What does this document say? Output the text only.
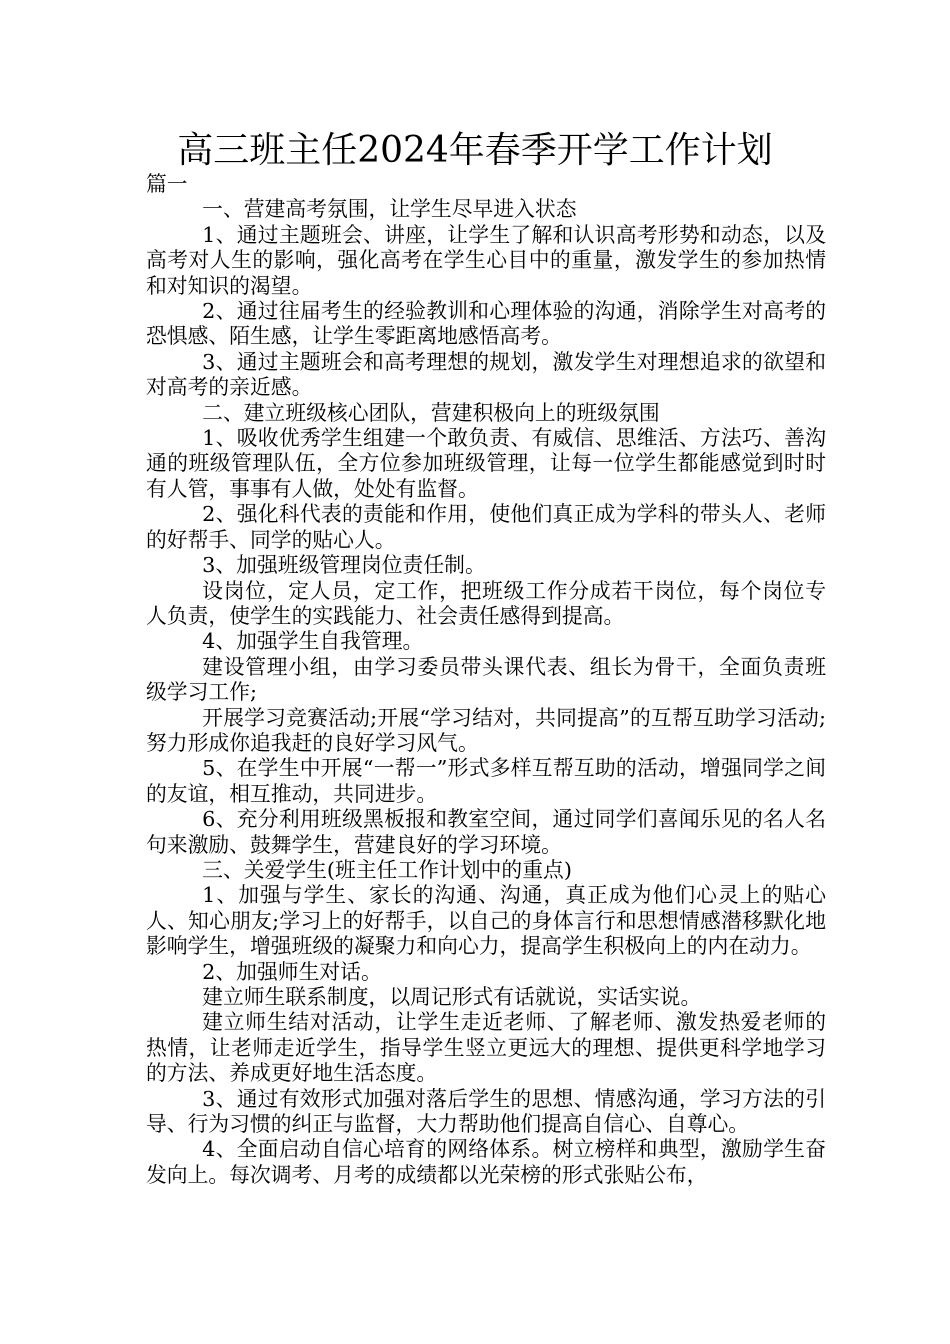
高三班主任2024年春季开学工作计划

篇一

一、营建高考氛围，让学生尽早进入状态

1、通过主题班会、讲座，让学生了解和认识高考形势和动态，以及高考对人生的影响，强化高考在学生心目中的重量，激发学生的参加热情和对知识的渴望。

2、通过往届考生的经验教训和心理体验的沟通，消除学生对高考的恐惧感、陌生感，让学生零距离地感悟高考。

3、通过主题班会和高考理想的规划，激发学生对理想追求的欲望和对高考的亲近感。

二、建立班级核心团队，营建积极向上的班级氛围

1、吸收优秀学生组建一个敢负责、有威信、思维活、方法巧、善沟通的班级管理队伍，全方位参加班级管理，让每一位学生都能感觉到时时有人管，事事有人做，处处有监督。

2、强化科代表的责能和作用，使他们真正成为学科的带头人、老师的好帮手、同学的贴心人。

3、加强班级管理岗位责任制。

设岗位，定人员，定工作，把班级工作分成若干岗位，每个岗位专人负责，使学生的实践能力、社会责任感得到提高。

4、加强学生自我管理。

建设管理小组，由学习委员带头课代表、组长为骨干，全面负责班级学习工作;

开展学习竞赛活动;开展“学习结对，共同提高”的互帮互助学习活动;努力形成你追我赶的良好学习风气。

5、在学生中开展“一帮一”形式多样互帮互助的活动，增强同学之间的友谊，相互推动，共同进步。

6、充分利用班级黑板报和教室空间，通过同学们喜闻乐见的名人名句来激励、鼓舞学生，营建良好的学习环境。

三、关爱学生(班主任工作计划中的重点)

1、加强与学生、家长的沟通、沟通，真正成为他们心灵上的贴心人、知心朋友;学习上的好帮手，以自己的身体言行和思想情感潜移默化地影响学生，增强班级的凝聚力和向心力，提高学生积极向上的内在动力。

2、加强师生对话。

建立师生联系制度，以周记形式有话就说，实话实说。

建立师生结对活动，让学生走近老师、了解老师、激发热爱老师的热情，让老师走近学生，指导学生竖立更远大的理想、提供更科学地学习的方法、养成更好地生活态度。

3、通过有效形式加强对落后学生的思想、情感沟通，学习方法的引导、行为习惯的纠正与监督，大力帮助他们提高自信心、自尊心。

4、全面启动自信心培育的网络体系。树立榜样和典型，激励学生奋发向上。每次调考、月考的成绩都以光荣榜的形式张贴公布，
